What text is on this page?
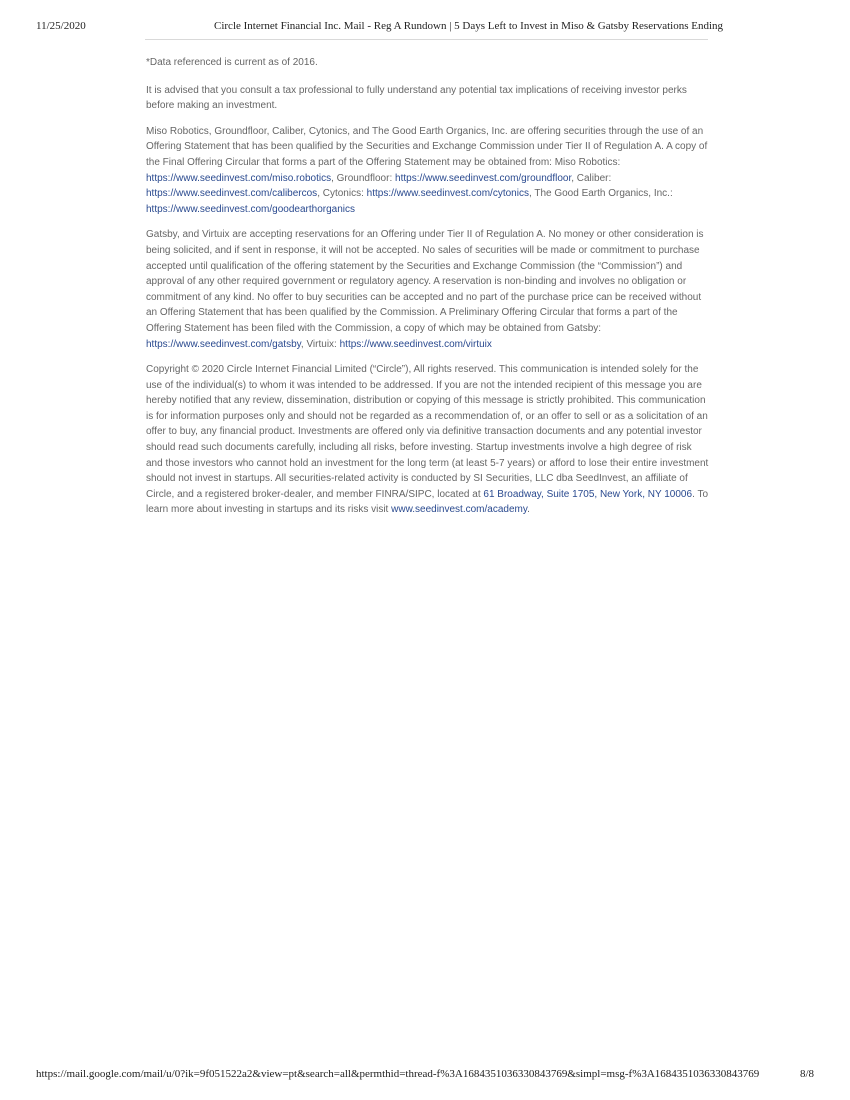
11/25/2020	Circle Internet Financial Inc. Mail - Reg A Rundown | 5 Days Left to Invest in Miso & Gatsby Reservations Ending

*Data referenced is current as of 2016.

It is advised that you consult a tax professional to fully understand any potential tax implications of receiving investor perks before making an investment.

Miso Robotics, Groundfloor, Caliber, Cytonics, and The Good Earth Organics, Inc. are offering securities through the use of an Offering Statement that has been qualified by the Securities and Exchange Commission under Tier II of Regulation A. A copy of the Final Offering Circular that forms a part of the Offering Statement may be obtained from: Miso Robotics: https://www.seedinvest.com/miso.robotics, Groundfloor: https://www.seedinvest.com/groundfloor, Caliber: https://www.seedinvest.com/calibercos, Cytonics: https://www.seedinvest.com/cytonics, The Good Earth Organics, Inc.: https://www.seedinvest.com/goodearthorganics

Gatsby, and Virtuix are accepting reservations for an Offering under Tier II of Regulation A. No money or other consideration is being solicited, and if sent in response, it will not be accepted. No sales of securities will be made or commitment to purchase accepted until qualification of the offering statement by the Securities and Exchange Commission (the “Commission”) and approval of any other required government or regulatory agency. A reservation is non-binding and involves no obligation or commitment of any kind. No offer to buy securities can be accepted and no part of the purchase price can be received without an Offering Statement that has been qualified by the Commission. A Preliminary Offering Circular that forms a part of the Offering Statement has been filed with the Commission, a copy of which may be obtained from Gatsby: https://www.seedinvest.com/gatsby, Virtuix: https://www.seedinvest.com/virtuix

Copyright © 2020 Circle Internet Financial Limited (“Circle”), All rights reserved. This communication is intended solely for the use of the individual(s) to whom it was intended to be addressed. If you are not the intended recipient of this message you are hereby notified that any review, dissemination, distribution or copying of this message is strictly prohibited. This communication is for information purposes only and should not be regarded as a recommendation of, or an offer to sell or as a solicitation of an offer to buy, any financial product. Investments are offered only via definitive transaction documents and any potential investor should read such documents carefully, including all risks, before investing. Startup investments involve a high degree of risk and those investors who cannot hold an investment for the long term (at least 5-7 years) or afford to lose their entire investment should not invest in startups. All securities-related activity is conducted by SI Securities, LLC dba SeedInvest, an affiliate of Circle, and a registered broker-dealer, and member FINRA/SIPC, located at 61 Broadway, Suite 1705, New York, NY 10006. To learn more about investing in startups and its risks visit www.seedinvest.com/academy.

https://mail.google.com/mail/u/0?ik=9f051522a2&view=pt&search=all&permthid=thread-f%3A1684351036330843769&simpl=msg-f%3A1684351036330843769	8/8
